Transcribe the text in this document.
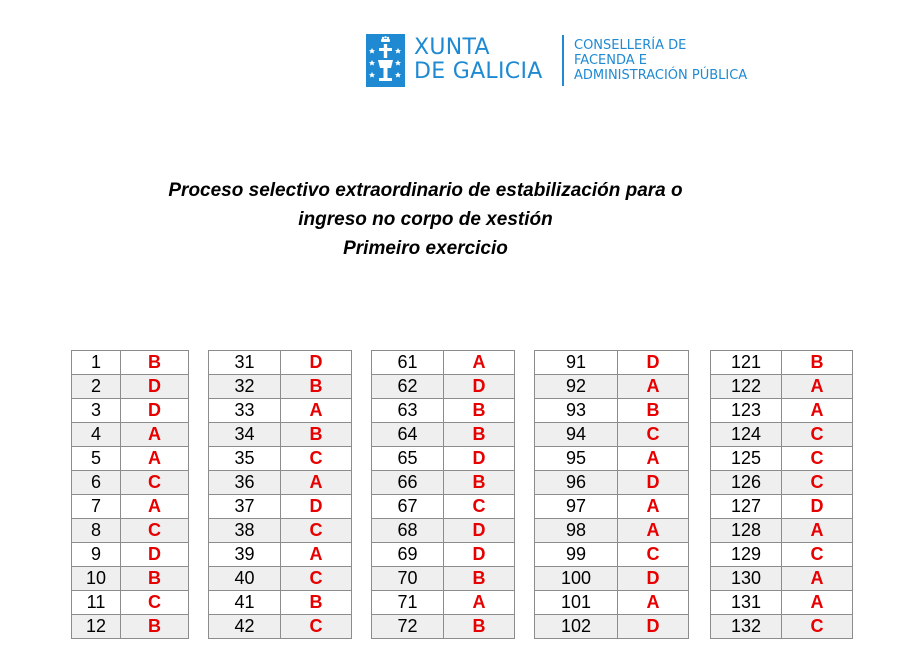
XUNTA
DE GALICIA
CONSELLERÍA DE
FACENDA E
ADMINISTRACIÓN PÚBLICA
Proceso selectivo extraordinario de estabilización para o
ingreso no corpo de xestión
Primeiro exercicio
1	B
2	D
3	D
4	A
5	A
6	C
7	A
8	C
9	D
10	B
11	C
12	B
31	D
32	B
33	A
34	B
35	C
36	A
37	D
38	C
39	A
40	C
41	B
42	C
61	A
62	D
63	B
64	B
65	D
66	B
67	C
68	D
69	D
70	B
71	A
72	B
91	D
92	A
93	B
94	C
95	A
96	D
97	A
98	A
99	C
100	D
101	A
102	D
121	B
122	A
123	A
124	C
125	C
126	C
127	D
128	A
129	C
130	A
131	A
132	C
